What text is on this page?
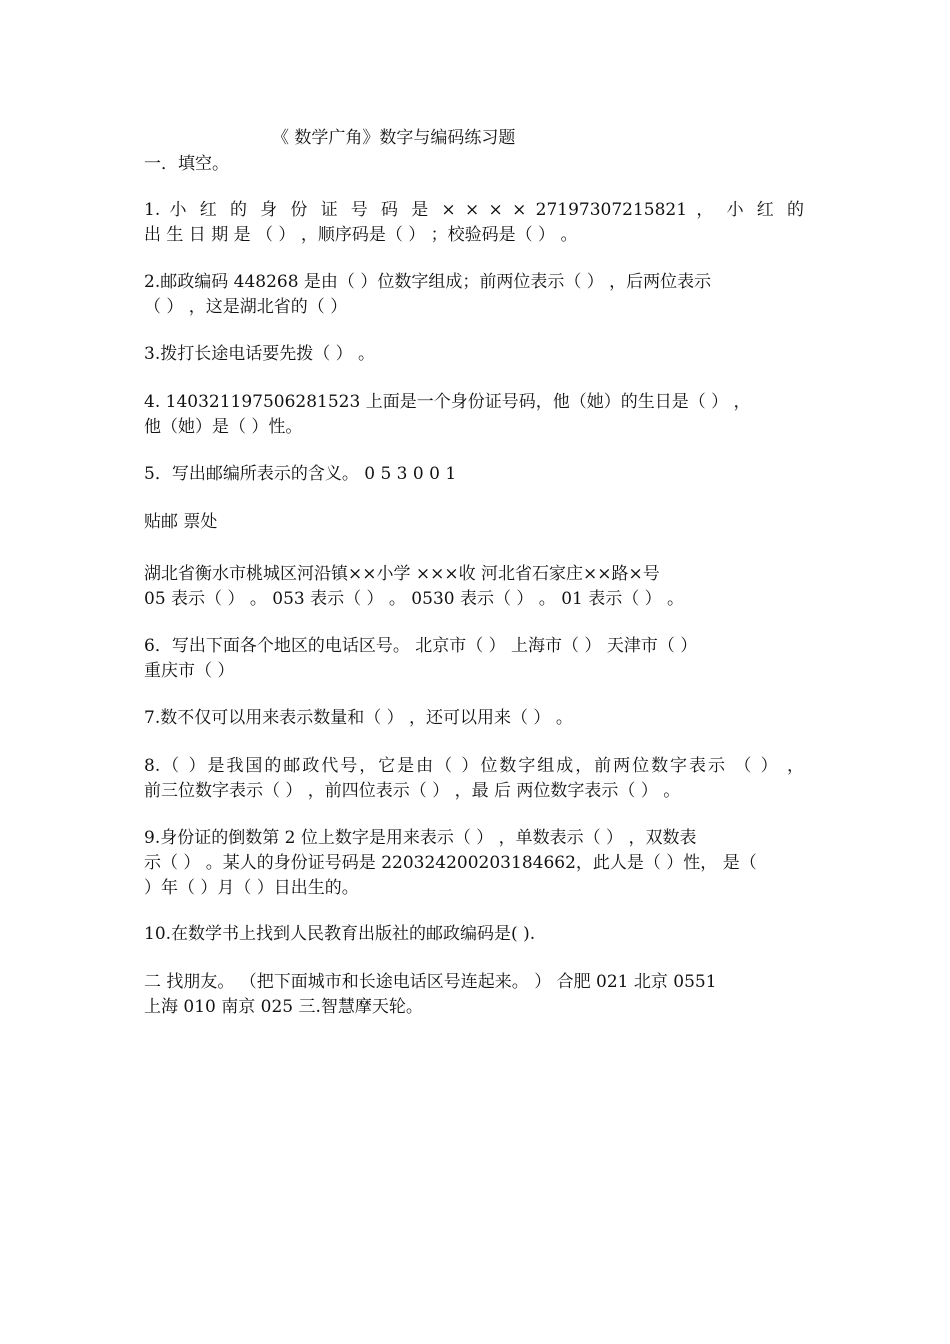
《 数学广角》数字与编码练习题
一．填空。
1. 小 红 的 身 份 证 号 码 是 × × × × 27197307215821 ， 小 红 的
出 生 日 期 是 （ ） ，顺序码是（ ） ；校验码是（ ） 。
2.邮政编码 448268 是由（ ）位数字组成；前两位表示（ ） ，后两位表示
（ ） ，这是湖北省的（ ）
3.拨打长途电话要先拨（ ） 。
4. 140321197506281523 上面是一个身份证号码，他（她）的生日是（ ） ，
他（她）是（ ）性。
5．写出邮编所表示的含义。 0 5 3 0 0 1
贴邮 票处
湖北省衡水市桃城区河沿镇××小学 ×××收 河北省石家庄××路×号
05 表示（ ） 。 053 表示（ ） 。 0530 表示（ ） 。 01 表示（ ） 。
6．写出下面各个地区的电话区号。 北京市（ ） 上海市（ ） 天津市（ ）
重庆市（ ）
7.数不仅可以用来表示数量和（ ） ，还可以用来（ ） 。
8.（ ）是我国的邮政代号，它是由（ ）位数字组成，前两位数字表示 （ ） ，
前三位数字表示（ ） ，前四位表示（ ） ，最 后 两位数字表示（ ） 。
9.身份证的倒数第 2 位上数字是用来表示（ ） ，单数表示（ ） ，双数表
示（ ） 。某人的身份证号码是 220324200203184662，此人是（ ）性， 是（
）年（ ）月（ ）日出生的。
10.在数学书上找到人民教育出版社的邮政编码是( ).
二 找朋友。 （把下面城市和长途电话区号连起来。 ） 合肥 021 北京 0551
上海 010 南京 025 三.智慧摩天轮。
